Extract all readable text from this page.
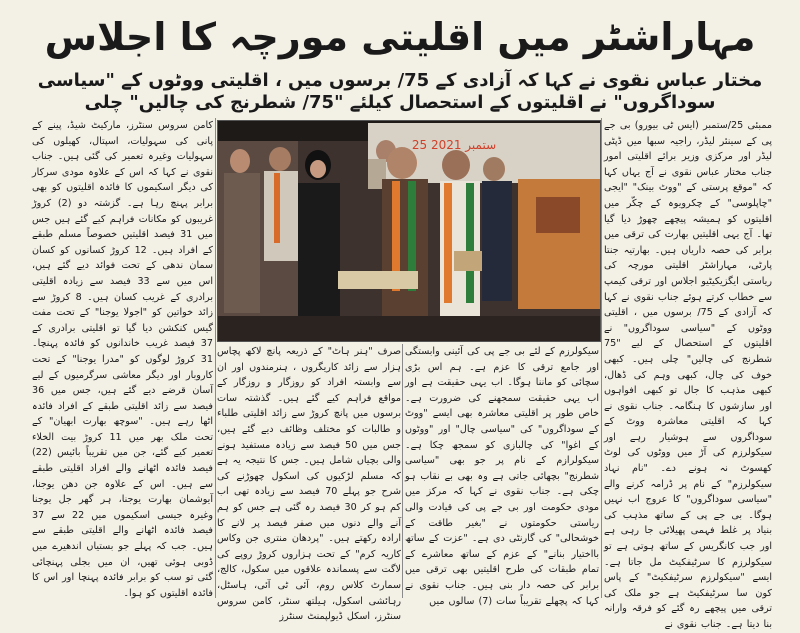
مہاراشٹر میں اقلیتی مورچہ کا اجلاس
مختار عباس نقوی نے کہا کہ آزادی کے 75/ برسوں میں ، اقلیتی ووٹوں کے "سیاسی
سوداگروں" نے اقلیتوں کے استحصال کیلئے "75/ شطرنج کی چالیں" چلی
25 ستمبر 2021

ممبئی 25/ستمبر (ایس ٹی بیورو) بی جے پی کے سینئر لیڈر، راجیہ سبھا میں ڈپٹی لیڈر اور مرکزی وزیر برائے اقلیتی امور جناب مختار عباس نقوی نے آج یہاں کہا کہ "موقع پرستی کے "ووٹ بینک" "ایجی "چاپلوسی" کے چکرویوہ کے چکّر میں اقلیتوں کو ہمیشہ پیچھے چھوڑ دیا گیا تھا۔ آج یہی اقلیتیں بھارت کی ترقی میں برابر کی حصہ داریاں ہیں۔ بھارتیہ جنتا پارٹی، مہاراشٹر اقلیتی مورچہ کی ریاستی ایگزیکیٹیو اجلاس اور ترقی کیمپ سے خطاب کرتے ہوئے جناب نقوی نے کہا کہ آزادی کے 75/ برسوں میں ، اقلیتی ووٹوں کے "سیاسی سوداگروں" نے اقلیتوں کے استحصال کے لیے "75 شطرنج کی چالیں" چلی ہیں۔ کبھی خوف کی چال، کبھی وہم کی ڈھال، کبھی مذہب کا جال تو کبھی افواہوں اور سازشوں کا ہنگامہ۔ جناب نقوی نے کہا کہ اقلیتی معاشرہ ووٹ کے سوداگروں سے ہوشیار رہے اور سیکولرزم کی آڑ میں ووٹوں کی لوٹ کھسوٹ نہ ہونے دے۔ "نام نہاد سیکولرزم" کے نام پر ڈرامہ کرنے والے "سیاسی سوداگروں" کا عروج اب نہیں ہوگا۔ بی جے پی کے ساتھ مذہب کی بنیاد پر غلط فہمی پھیلائی جا رہی ہے اور جب کانگریس کے ساتھ ہوتی ہے تو سیکولرزم کا سرٹیفکیٹ مل جاتا ہے۔ ایسے "سیکولرزم سرٹیفکیٹ" کے پاس کون سا سرٹیفکیٹ ہے جو ملک کی ترقی میں پیچھے رہ گئے کو فرقہ وارانہ بنا دیتا ہے۔ جناب نقوی نے

سیکولرزم کے لئے بی جے پی کی آئینی وابستگی اور جامع ترقی کا عزم ہے۔ ہم اس بڑی سچائی کو ماننا ہوگا۔ اب یہی حقیقت ہے اور اب یہی حقیقت سمجھنے کی ضرورت ہے۔ خاص طور پر اقلیتی معاشرہ بھی ایسے "ووٹ کے سوداگروں" کی "سیاسی چال" اور "ووٹوں کے اغوا" کی چالبازی کو سمجھ چکا ہے۔ سیکولرازم کے نام پر جو بھی "سیاسی شطرنج" بچھائی جاتی ہے وہ بھی بے نقاب ہو چکی ہے۔ جناب نقوی نے کہا کہ مرکز میں مودی حکومت اور بی جے پی کی قیادت والی ریاستی حکومتوں نے "بغیر طاقت کے خوشحالی" کی گارنٹی دی ہے۔ "عزت کے ساتھ بااختیار بنانے" کے عزم کے ساتھ معاشرے کے تمام طبقات کی طرح اقلیتیں بھی ترقی میں برابر کی حصہ دار بنی ہیں۔ جناب نقوی نے کہا کہ پچھلے تقریباً سات (7) سالوں میں

صرف "ہنر ہاٹ" کے ذریعہ پانچ لاکھ پچاس ہزار سے زائد کاریگروں ، ہنرمندوں اور ان سے وابستہ افراد کو روزگار و روزگار کے مواقع فراہم کیے گئے ہیں۔ گذشتہ سات برسوں میں پانچ کروڑ سے زائد اقلیتی طلباء و طالبات کو مختلف وظائف دیے گئے ہیں، جس میں 50 فیصد سے زیادہ مستفید ہونے والی بچیاں شامل ہیں۔ جس کا نتیجہ یہ ہے کہ مسلم لڑکیوں کی اسکول چھوڑنے کی شرح جو پہلے 70 فیصد سے زیادہ تھی اب کم ہو کر 30 فیصد رہ گئی ہے جس کو ہم آنے والے دنوں میں صفر فیصد پر لانے کا ارادہ رکھتے ہیں۔ "پردھان منتری جن وکاس کاریہ کرم" کے تحت ہزاروں کروڑ روپے کی لاگت سے پسماندہ علاقوں میں سکول، کالج، سمارٹ کلاس روم، آئی ٹی آئی، ہاسٹل، رہائشی اسکول، ہیلتھ سنٹر، کامن سروس سنٹرز، اسکل ڈیولپمنٹ سنٹرز

کامن سروس سنٹرز، مارکیٹ شیڈ، پینے کے پانی کی سہولیات، اسپتال، کھیلوں کی سہولیات وغیرہ تعمیر کی گئی ہیں۔ جناب نقوی نے کہا کہ اس کے علاوہ مودی سرکار کی دیگر اسکیموں کا فائدہ اقلیتوں کو بھی برابر پہنچ رہا ہے۔ گزشتہ دو (2) کروڑ غریبوں کو مکانات فراہم کیے گئے ہیں جس میں 31 فیصد اقلیتیں خصوصاً مسلم طبقے کے افراد ہیں۔ 12 کروڑ کسانوں کو کسان سمان ندھی کے تحت فوائد دیے گئے ہیں، اس میں سے 33 فیصد سے زیادہ اقلیتی برادری کے غریب کسان ہیں۔ 8 کروڑ سے زائد خواتین کو "اجولا یوجنا" کے تحت مفت گیس کنکشن دیا گیا تو اقلیتی برادری کے 37 فیصد غریب خاندانوں کو فائدہ پہنچا۔ 31 کروڑ لوگوں کو "مدرا یوجنا" کے تحت کاروبار اور دیگر معاشی سرگرمیوں کے لیے آسان قرضے دیے گئے ہیں، جس میں 36 فیصد سے زائد اقلیتی طبقے کے افراد فائدہ اٹھا رہے ہیں۔ "سوچھ بھارت ابھیان" کے تحت ملک بھر میں 11 کروڑ بیت الخلاء تعمیر کیے گئے، جن میں تقریباً بائیس (22) فیصد فائدہ اٹھانے والے افراد اقلیتی طبقے سے ہیں۔ اس کے علاوہ جن دھن یوجنا، آیوشمان بھارت یوجنا، ہر گھر جل یوجنا وغیرہ جیسی اسکیموں میں 22 سے 37 فیصد فائدہ اٹھانے والے اقلیتی طبقے سے ہیں۔ جب کہ پہلے جو بستیاں اندھیرے میں ڈوبی ہوئی تھیں، ان میں بجلی پہنچائی گئی تو سب کو برابر فائدہ پہنچا اور اس کا فائدہ اقلیتوں کو ہوا۔
